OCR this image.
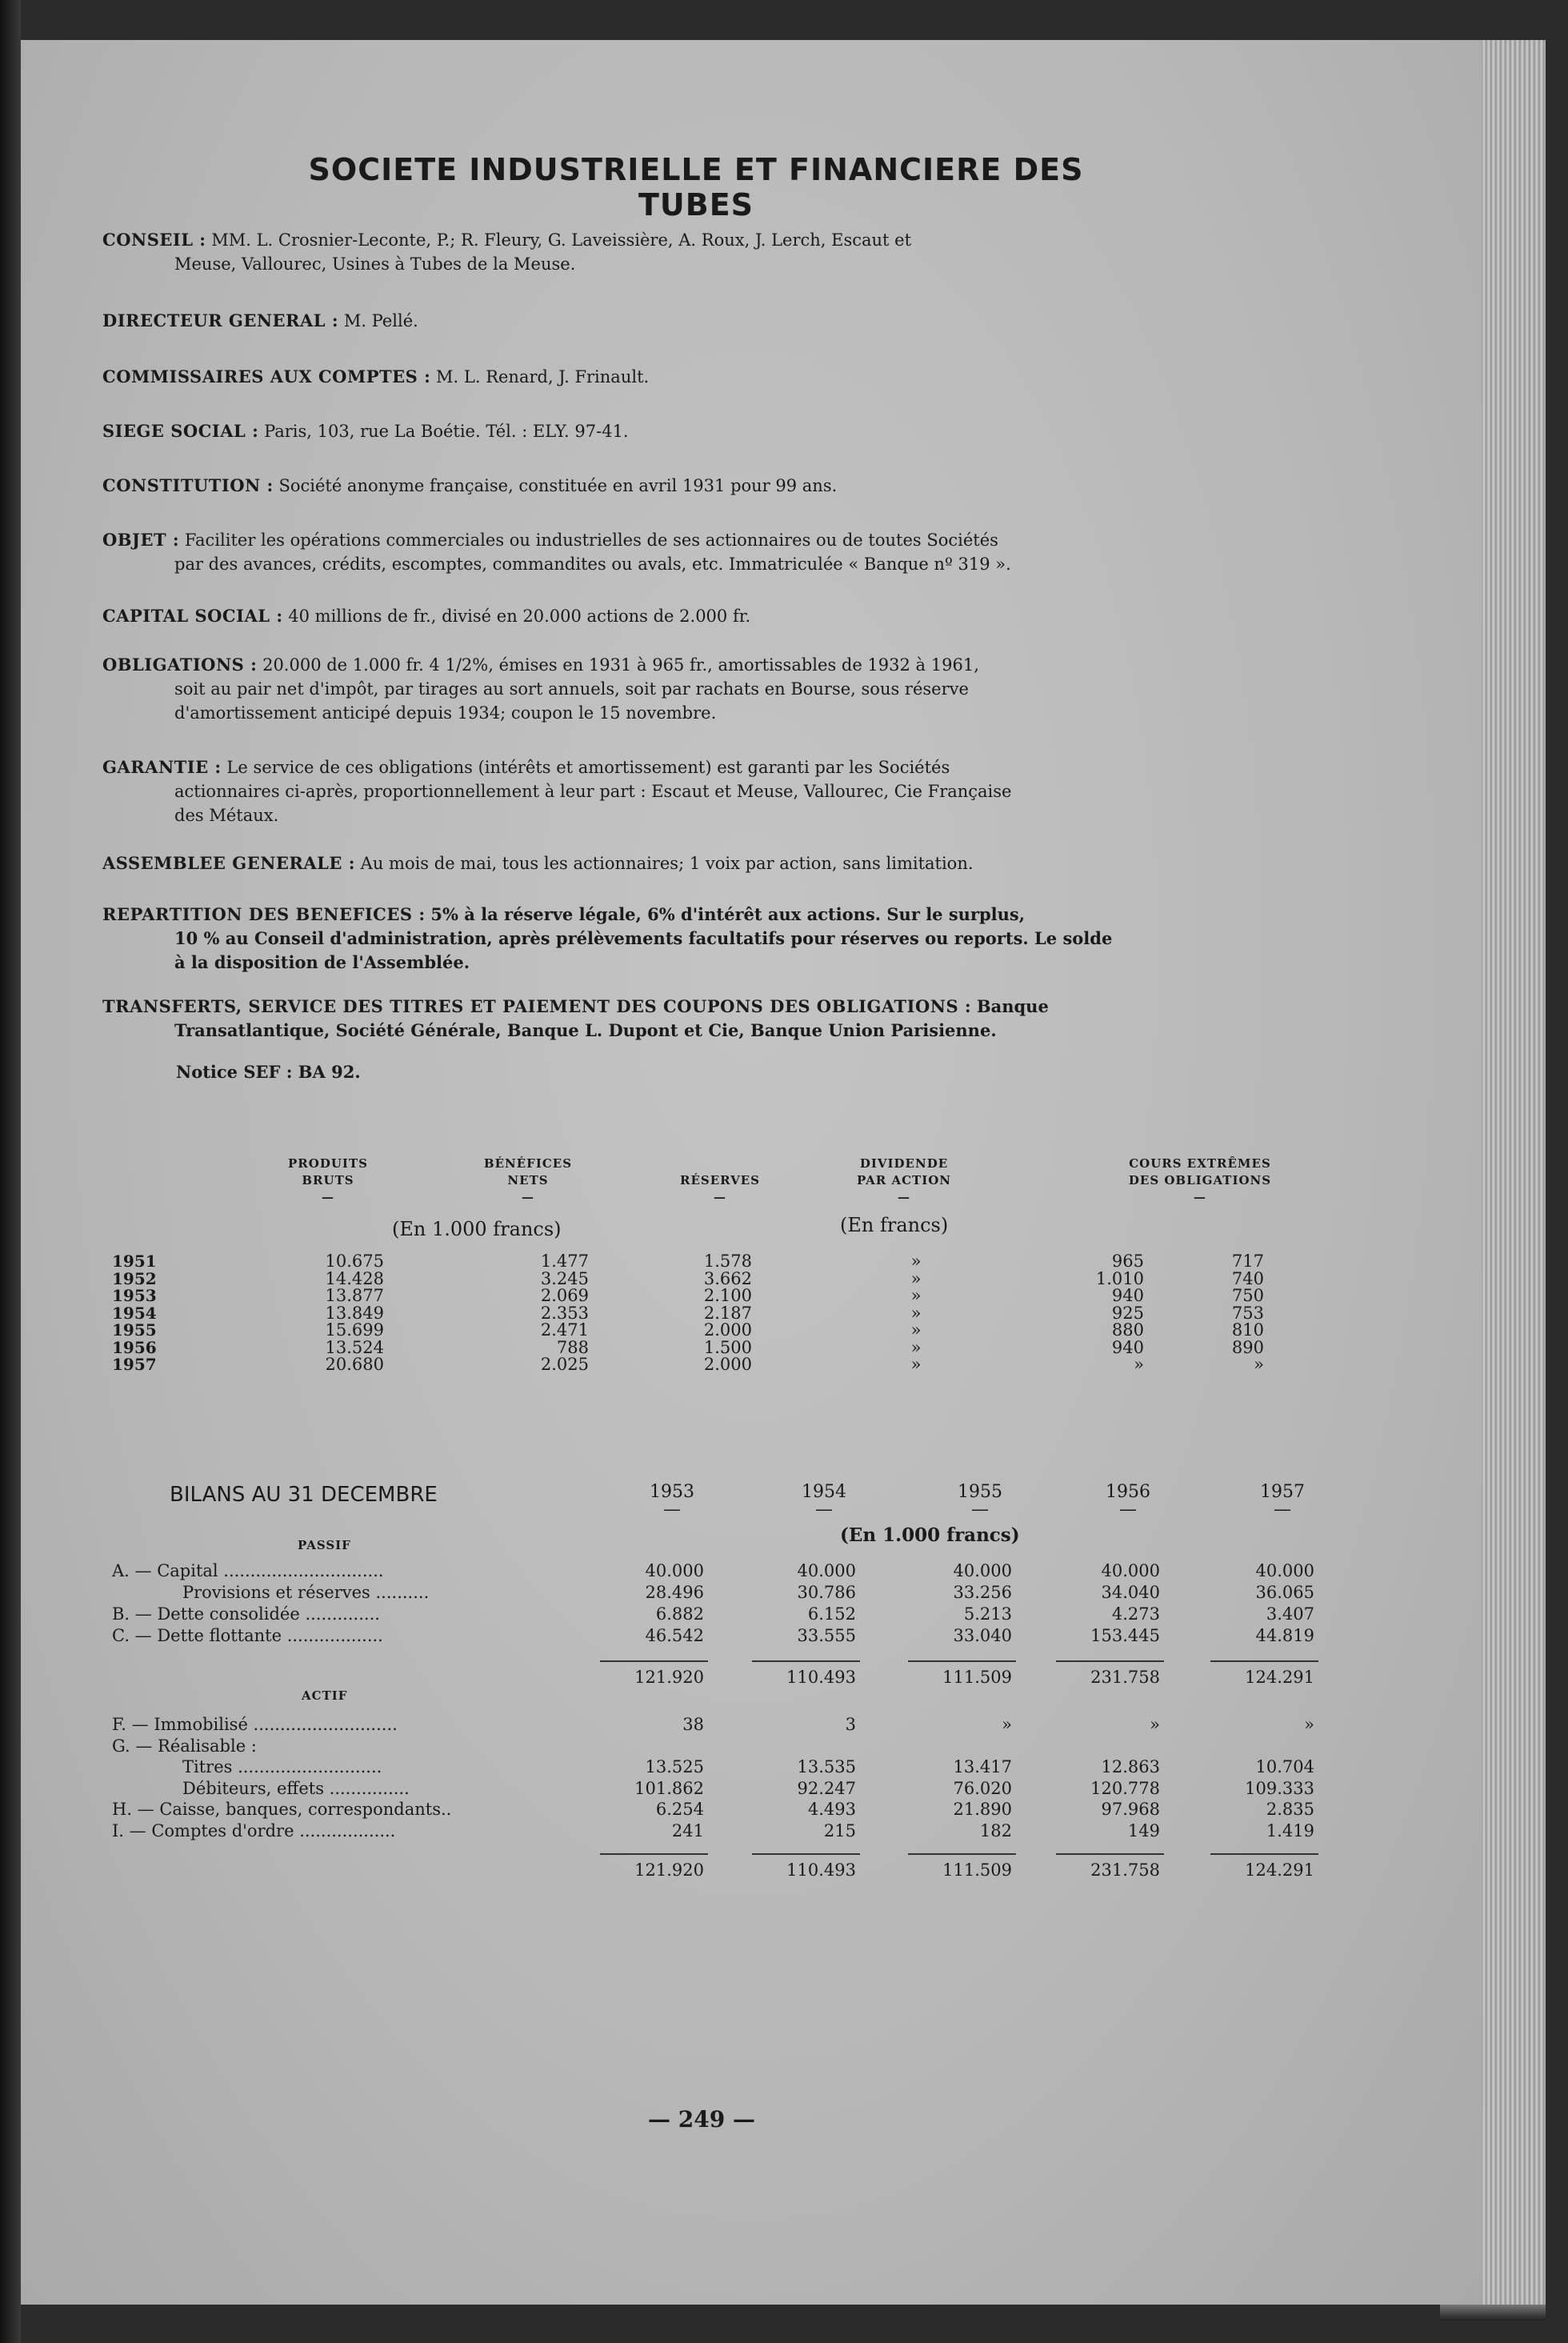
SOCIETE INDUSTRIELLE ET FINANCIERE DES TUBES
CONSEIL : MM. L. Crosnier-Leconte, P.; R. Fleury, G. Laveissière, A. Roux, J. Lerch, Escaut et
Meuse, Vallourec, Usines à Tubes de la Meuse.
DIRECTEUR GENERAL : M. Pellé.
COMMISSAIRES AUX COMPTES : M. L. Renard, J. Frinault.
SIEGE SOCIAL : Paris, 103, rue La Boétie. Tél. : ELY. 97-41.
CONSTITUTION : Société anonyme française, constituée en avril 1931 pour 99 ans.
OBJET : Faciliter les opérations commerciales ou industrielles de ses actionnaires ou de toutes Sociétés
par des avances, crédits, escomptes, commandites ou avals, etc. Immatriculée « Banque nº 319 ».
CAPITAL SOCIAL : 40 millions de fr., divisé en 20.000 actions de 2.000 fr.
OBLIGATIONS : 20.000 de 1.000 fr. 4 1/2%, émises en 1931 à 965 fr., amortissables de 1932 à 1961,
soit au pair net d'impôt, par tirages au sort annuels, soit par rachats en Bourse, sous réserve
d'amortissement anticipé depuis 1934; coupon le 15 novembre.
GARANTIE : Le service de ces obligations (intérêts et amortissement) est garanti par les Sociétés
actionnaires ci-après, proportionnellement à leur part : Escaut et Meuse, Vallourec, Cie Française
des Métaux.
ASSEMBLEE GENERALE : Au mois de mai, tous les actionnaires; 1 voix par action, sans limitation.
REPARTITION DES BENEFICES : 5% à la réserve légale, 6% d'intérêt aux actions. Sur le surplus,
10 % au Conseil d'administration, après prélèvements facultatifs pour réserves ou reports. Le solde
à la disposition de l'Assemblée.
TRANSFERTS, SERVICE DES TITRES ET PAIEMENT DES COUPONS DES OBLIGATIONS : Banque
Transatlantique, Société Générale, Banque L. Dupont et Cie, Banque Union Parisienne.
Notice SEF : BA 92.
PRODUITS
BRUTS
—
BÉNÉFICES
NETS
—
RÉSERVES
—
DIVIDENDE
PAR ACTION
—
COURS EXTRÊMES
DES OBLIGATIONS
—
(En 1.000 francs)	(En francs)
1951	10.675	1.477	1.578	»	965	717
1952	14.428	3.245	3.662	»	1.010	740
1953	13.877	2.069	2.100	»	940	750
1954	13.849	2.353	2.187	»	925	753
1955	15.699	2.471	2.000	»	880	810
1956	13.524	788	1.500	»	940	890
1957	20.680	2.025	2.000	»	»	»
BILANS AU 31 DECEMBRE	1953
—
1954
—
1955
—
1956
—
1957
—
(En 1.000 francs)
PASSIF
ACTIF
A. — Capital ..............................	40.000	40.000	40.000	40.000	40.000
Provisions et réserves ..........	28.496	30.786	33.256	34.040	36.065
B. — Dette consolidée ..............	6.882	6.152	5.213	4.273	3.407
C. — Dette flottante ..................	46.542	33.555	33.040	153.445	44.819
121.920	110.493	111.509	231.758	124.291
F. — Immobilisé ...........................	38	3	»	»	»
G. — Réalisable :
Titres ...........................	13.525	13.535	13.417	12.863	10.704
Débiteurs, effets ...............	101.862	92.247	76.020	120.778	109.333
H. — Caisse, banques, correspondants..	6.254	4.493	21.890	97.968	2.835
I. — Comptes d'ordre ..................	241	215	182	149	1.419
121.920	110.493	111.509	231.758	124.291
— 249 —
